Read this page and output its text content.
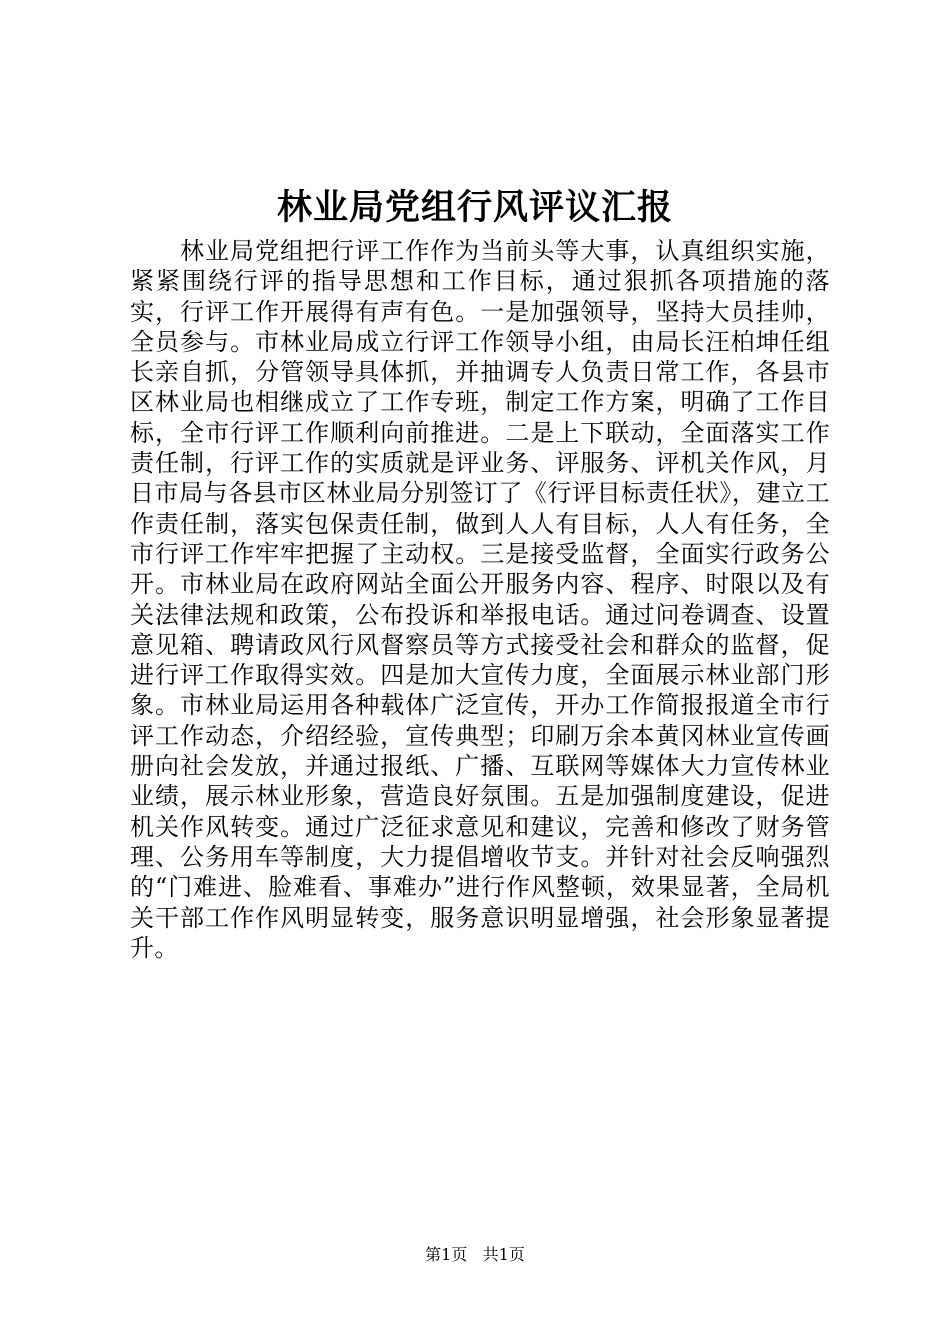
林业局党组行风评议汇报

林业局党组把行评工作作为当前头等大事，认真组织实施，紧紧围绕行评的指导思想和工作目标，通过狠抓各项措施的落实，行评工作开展得有声有色。一是加强领导，坚持大员挂帅，全员参与。市林业局成立行评工作领导小组，由局长汪柏坤任组长亲自抓，分管领导具体抓，并抽调专人负责日常工作，各县市区林业局也相继成立了工作专班，制定工作方案，明确了工作目标，全市行评工作顺利向前推进。二是上下联动，全面落实工作责任制，行评工作的实质就是评业务、评服务、评机关作风，月日市局与各县市区林业局分别签订了《行评目标责任状》，建立工作责任制，落实包保责任制，做到人人有目标，人人有任务，全市行评工作牢牢把握了主动权。三是接受监督，全面实行政务公开。市林业局在政府网站全面公开服务内容、程序、时限以及有关法律法规和政策，公布投诉和举报电话。通过问卷调查、设置意见箱、聘请政风行风督察员等方式接受社会和群众的监督，促进行评工作取得实效。四是加大宣传力度，全面展示林业部门形象。市林业局运用各种载体广泛宣传，开办工作简报报道全市行评工作动态，介绍经验，宣传典型；印刷万余本黄冈林业宣传画册向社会发放，并通过报纸、广播、互联网等媒体大力宣传林业业绩，展示林业形象，营造良好氛围。五是加强制度建设，促进机关作风转变。通过广泛征求意见和建议，完善和修改了财务管理、公务用车等制度，大力提倡增收节支。并针对社会反响强烈的“门难进、脸难看、事难办”进行作风整顿，效果显著，全局机关干部工作作风明显转变，服务意识明显增强，社会形象显著提升。

第1页 共1页
